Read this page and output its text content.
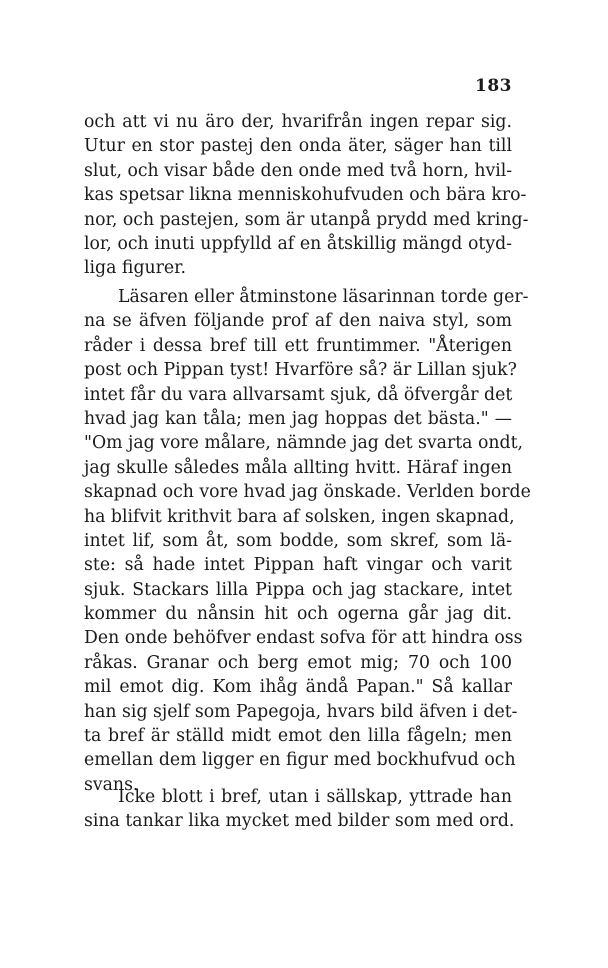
183
och att vi nu äro der, hvarifrån ingen repar sig.
Utur en stor pastej den onda äter, säger han till
slut, och visar både den onde med två horn, hvil-
kas spetsar likna menniskohufvuden och bära kro-
nor, och pastejen, som är utanpå prydd med kring-
lor, och inuti uppfylld af en åtskillig mängd otyd-
liga figurer.
Läsaren eller åtminstone läsarinnan torde ger-
na se äfven följande prof af den naiva styl, som
råder i dessa bref till ett fruntimmer. "Återigen
post och Pippan tyst! Hvarföre så? är Lillan sjuk?
intet får du vara allvarsamt sjuk, då öfvergår det
hvad jag kan tåla; men jag hoppas det bästa." —
"Om jag vore målare, nämnde jag det svarta ondt,
jag skulle således måla allting hvitt. Häraf ingen
skapnad och vore hvad jag önskade. Verlden borde
ha blifvit krithvit bara af solsken, ingen skapnad,
intet lif, som åt, som bodde, som skref, som lä-
ste: så hade intet Pippan haft vingar och varit
sjuk. Stackars lilla Pippa och jag stackare, intet
kommer du nånsin hit och ogerna går jag dit.
Den onde behöfver endast sofva för att hindra oss
råkas. Granar och berg emot mig; 70 och 100
mil emot dig. Kom ihåg ändå Papan." Så kallar
han sig sjelf som Papegoja, hvars bild äfven i det-
ta bref är ställd midt emot den lilla fågeln; men
emellan dem ligger en figur med bockhufvud och
svans.
Icke blott i bref, utan i sällskap, yttrade han
sina tankar lika mycket med bilder som med ord.
